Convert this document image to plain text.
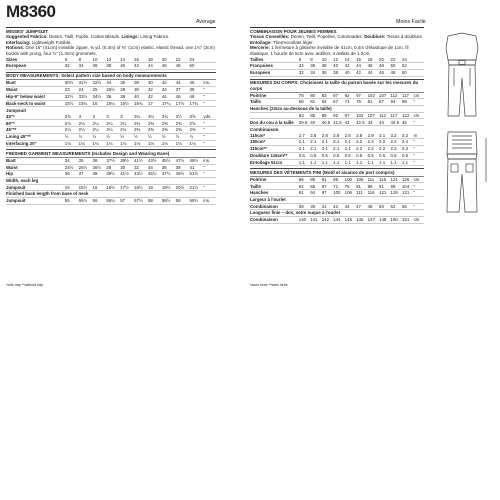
M8360
Average	Moins Facile
MISSES' JUMPSUIT

Suggested Fabrics: Denim, Twill, Poplin, Cotton Blends. Linings: Lining Fabrics.

Interfacing: Lightweight Fusible.

Notions: One 16" (41cm) invisible zipper, ⅜ yd. (0.4m) of ⅜" (1cm) elastic, elastic thread, one 1¾" (3cm) buckle with prong, four ½" (1.3cm) grommets.

Sizes	6	8	10	12	14	16	18	20	22	24	
European	32	34	36	38	40	42	44	46	48	50	
BODY MEASUREMENTS: Select pattern size based on body measurements
Bust	30½	31½	32½	34	36	38	40	42	44	46	ins.
Waist	23	24	25	26½	28	30	32	34	37	39	"
Hip-9" below waist	32½	33½	34½	36	38	40	42	44	46	48	"
Back-neck to waist	15½	15¾	16	16¼	16½	16¾	17	17¼	17½	17¾	"
Jumpsuit
45"*	2¾	3	3	3	3	3¼	3¼	3¾	3½	3⅝	yds.
60"*	2⅛	2⅛	2¼	2¼	2¼	2⅜	2⅜	2⅜	2⅜	2⅝	"
45"**	2⅛	2⅛	2¼	2¼	2¼	2⅜	2⅜	2⅜	2⅜	2⅜	"
Lining 45"**	½	½	½	½	½	½	½	½	½	½	"
Interfacing 20"	1⅛	1⅛	1⅛	1⅛	1⅛	1⅛	1⅛	1⅛	1⅛	1⅛	"
FINISHED GARMENT MEASUREMENTS (Includes Design and Wearing Ease)
Bust	34	35	36	37½	39½	41½	43½	45½	47½	49½	ins.
Waist	24½	25½	26½	28	30	32	34	36	39	41	"
Hip	36	37	38	39½	41½	43½	45½	47½	49½	51½	"
Width, each leg											
Jumpsuit	15	15½	16	16½	17½	18½	19	19½	20½	21½	"
Finished back length from base of neck											
Jumpsuit	55	55½	56	56¼	57	57½	58	58½	59	59½	ins.
*with nap **without nap
COMBINAISON POUR JEUNES FEMMES

Tissus Conseillés: Denim, Twill, Popeline, Cotonnades. Doublure: Tissus à doublure.

Entoilage: Thermocollant léger.

Mercerie: 1 fermeture à glissière invisible de 41cm, 0.4m d'élastique de 1cm, fil élastique, 1 boucle de 5cm avec ardillon, 4 œillets de 1.3cm.

Tailles	6	8	10	12	14	16	18	20	22	24	
Françaises	34	36	38	40	42	44	46	48	50	52	
Européen	32	34	36	38	40	42	44	46	48	50	
MESURES DU CORPS: Choisissez la taille du patron basée sur les mesures du corps
Poitrine	78	80	83	87	92	97	102	107	112	117	cm
Taille	58	61	64	67	71	76	81	87	94	99	"
Hanches (23cm au-dessous de la taille)											
	83	85	88	92	97	102	107	112	117	122	cm
Dos du cou à la taille	39.5	40	40.5	41.5	42	42.5	43	44	44.5	45	"
Combinaison
115cm*	2.7	2.8	2.8	2.8	2.8	2.8	2.9	3.1	3.2	3.2	m
150cm*	2.1	2.1	2.1	2.1	2.1	2.2	2.2	2.2	2.2	2.4	"
115cm**	2.1	2.1	2.1	2.1	2.1	2.2	2.2	2.2	2.2	2.2	"
Doublure 115cm**	0.5	0.5	0.5	0.5	0.5	0.5	0.5	0.5	0.5	0.5	"
Entoilage 51cm	1.1	1.1	1.1	1.1	1.1	1.1	1.1	1.1	1.1	1.1	"
MESURES DES VÊTEMENTS FINI (Motif et aisance de port compris)
Poitrine	86	89	91	95	100	106	111	116	121	126	cm
Taille	62	65	67	71	76	81	86	91	99	104	"
Hanches	91	94	97	100	106	111	116	121	126	131	"
Largeur à l'ourlet											
Combinaison	38	39	41	42	44	47	48	50	52	55	"
Longueur finie – dos, votre nuque à l'ourlet											
Combinaison	140	141	142	144	145	146	147	149	150	151	cm
*avec sens **sans sens
